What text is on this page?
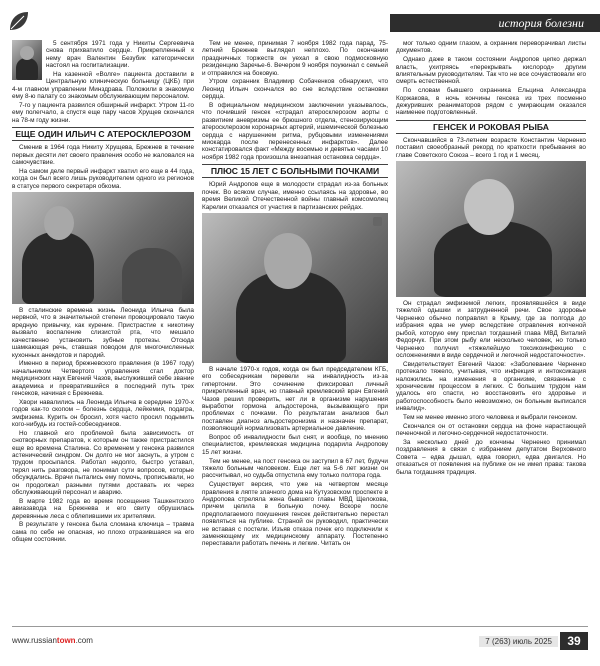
история болезни

5 сентября 1971 года у Никиты Сергеевича снова прихватило сердце. Прикрепленный к нему врач Валентин Безубик категорически настоял на госпитализации.

На казенной «Волге» пациента доставили в Центральную клиническую больницу (ЦКБ) при 4-м главном управлении Минздрава. Положили в знакомую ему 8-ю палату со знакомым обслуживающим персоналом.

7-го у пациента развился обширный инфаркт. Утром 11-го ему полегчало, а спустя еще пару часов Хрущев скончался на 78-м году жизни.

ЕЩЕ ОДИН ИЛЬИЧ С АТЕРОСКЛЕРОЗОМ

Сменив в 1964 года Никиту Хрущева, Брежнев в течение первых десяти лет своего правления особо не жаловался на самочувствие.

На самом деле первый инфаркт хватил его еще в 44 года, когда он был всего лишь руководителем одного из регионов в статусе первого секретаря обкома.

В сталинские времена жизнь Леонида Ильича была нервной, что в значительной степени провоцировало такую вредную привычку, как курение. Пристрастие к никотину вызвало воспаление слизистой рта, что мешало качественно установить зубные протезы. Отсюда шамкающая речь, ставшая поводом для многочисленных кухонных анекдотов и пародий.

Именно в период брежневского правления (в 1967 году) начальником Четвертого управления стал доктор медицинских наук Евгений Чазов, выслуживший себе звание академика и превратившийся в последний путь трех генсеков, начиная с Брежнева.

Хвори навалились на Леонида Ильича в середине 1970-х годов как-то скопом – болезнь сердца, лейкемия, подагра, эмфизема. Курить он бросил, хотя часто просил подымить кого-нибудь из гостей-собеседников.

Но главной его проблемой была зависимость от снотворных препаратов, к которым он также пристрастился еще во времена Сталина. Со временем у генсека развился астенический синдром. Он долго не мог заснуть, а утром с трудом просыпался. Работал недолго, быстро уставал, терял нить разговора, не понимал сути вопросов, которые обсуждались. Врачи пытались ему помочь, прописывали, но он продолжал разными путями доставать их через обслуживающий персонал и аварию.

В марте 1982 года во время посещения Ташкентского авиазавода на Брежнева и его свиту обрушилась деревянные леса с облепившими их зрителями.

В результате у генсека была сломана ключица – травма сама по себе не опасная, но плохо отразившаяся на его общем состоянии.

Тем не менее, принимая 7 ноября 1982 года парад, 75-летний Брежнев выглядел неплохо. По окончании праздничных торжеств он уехал в свою подмосковную резиденцию Заречье-6. Вечером 9 ноября поужинал с семьей и отправился на боковую.

Утром охранник Владимир Собаченков обнаружил, что Леонид Ильич скончался во сне вследствие остановки сердца.

В официальном медицинском заключении указывалось, что почивший генсек «страдал атеросклерозом аорты с развитием аневризмы ее брюшного отдела, стенозирующим атеросклерозом коронарных артерий, ишемической болезнью сердца с нарушением ритма, рубцовыми изменениями миокарда после перенесенных инфарктов». Далее констатировался факт «Между восемью и девятью часами 10 ноября 1982 года произошла внезапная остановка сердца».

ПЛЮС 15 ЛЕТ С БОЛЬНЫМИ ПОЧКАМИ

Юрий Андропов еще в молодости страдал из-за больных почек. Во всяком случае, именно ссылаясь на здоровье, во время Великой Отечественной войны главный комсомолец Карелии отказался от участия в партизанских рейдах.

В начале 1970-х годов, когда он был председателем КГБ, его собеседникам перевели на инвалидность из-за гипертонии. Это сочинение фиксировал личный прикрепленный врач, но главный кремлевский врач Евгений Чазов решил проверить, нет ли в организме нарушения выработки гормона альдостерона, вызывающего при проблемах с почками. По результатам анализов был поставлен диагноз альдостеронизма и назначен препарат, позволяющий нормализовать артериальное давление.

Вопрос об инвалидности был снят, и вообще, по мнению специалистов, кремлевская медицина подарила Андропову 15 лет жизни.

Тем не менее, на пост генсека он заступил в 67 лет, будучи тяжело больным человеком. Еще лет на 5-6 лет жизни он рассчитывал, но судьба отпустила ему только полтора года.

Существует версия, что уже на четвертом месяце правления в ляпте злачного дома на Кутузовском проспекте в Андропова стреляла жена бывшего главы МВД Щелокова, причем целила в больную почку. Вскоре после предполагаемого покушения генсек действительно перестал появляться на публике. Страной он руководил, практически не вставая с постели. Изъяв отказа почек его подключили к заменяющему их медицинскому аппарату. Постепенно переставали работать печень и легкие. Читать он

мог только одним глазом, а охранник переворачивал листы документов.

Однако даже в таком состоянии Андропов цепко держал власть, ухитряясь «перекрывать кислород» другим влиятельным руководителям. Так что не все сочувствовали его смерть естественной.

По словам бывшего охранника Ельцина Александра Коржакова, в ночь кончины генсека из трех посменно дежуривших реаниматоров рядом с умирающим оказался наименее подготовленный.

ГЕНСЕК И РОКОВАЯ РЫБА

Скончавшийся в 73-летнем возрасте Константин Черненко поставил своеобразный рекорд по краткости пребывания во главе Советского Союза – всего 1 год и 1 месяц.

Он страдал эмфиземой легких, проявлявшейся в виде тяжелой одышки и затрудненной речи. Свое здоровье Черненко обычно поправлял в Крыму, где за полгода до избрания едва не умер вследствие отравления копченой рыбой, которую ему прислал тогдашний глава МВД Виталий Федорчук. При этом рыбу ели несколько человек, но только Черненко получил «тяжелейшую токсикоинфекцию с осложнениями в виде сердечной и легочной недостаточности».

Свидетельствует Евгений Чазов: «Заболевание Черненко протекало тяжело, учитывая, что инфекция и интоксикация наложились на изменения в организме, связанные с хроническим процессом в легких. С большим трудом нам удалось его спасти, но восстановить его здоровье и работоспособность было невозможно, он больным выписался инвалид».

Тем не менее именно этого человека и выбрали генсеком.

Скончался он от остановки сердца на фоне нарастающей печеночной и легочно-сердечной недостаточности.

За несколько дней до кончины Черненко принимал поздравления в связи с избранием депутатом Верховного Совета – едва дышал, едва говорил, едва двигался. Но отказаться от появления на публике он не имел права: такова была тогдашняя традиция.

www.russiantown.com	7 (263) июль 2025	39
